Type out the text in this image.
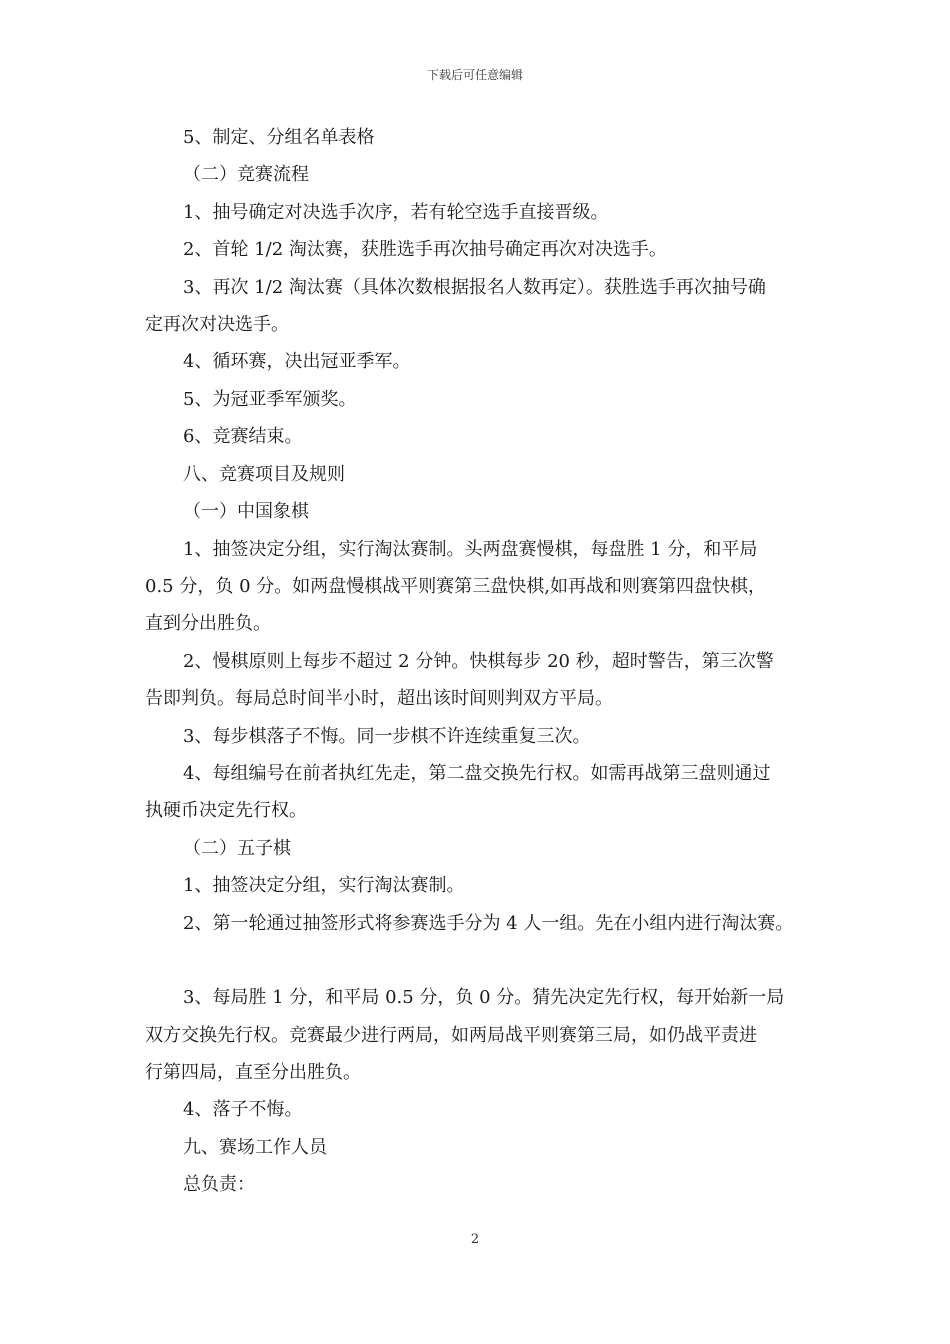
下载后可任意编辑
5、制定、分组名单表格
（二）竞赛流程
1、抽号确定对决选手次序，若有轮空选手直接晋级。
2、首轮 1/2 淘汰赛，获胜选手再次抽号确定再次对决选手。
3、再次 1/2 淘汰赛（具体次数根据报名人数再定）。获胜选手再次抽号确
定再次对决选手。
4、循环赛，决出冠亚季军。
5、为冠亚季军颁奖。
6、竞赛结束。
八、竞赛项目及规则
（一）中国象棋
1、抽签决定分组，实行淘汰赛制。头两盘赛慢棋，每盘胜 1 分，和平局
0.5 分，负 0 分。如两盘慢棋战平则赛第三盘快棋,如再战和则赛第四盘快棋，
直到分出胜负。
2、慢棋原则上每步不超过 2 分钟。快棋每步 20 秒，超时警告，第三次警
告即判负。每局总时间半小时，超出该时间则判双方平局。
3、每步棋落子不悔。同一步棋不许连续重复三次。
4、每组编号在前者执红先走，第二盘交换先行权。如需再战第三盘则通过
执硬币决定先行权。
（二）五子棋
1、抽签决定分组，实行淘汰赛制。
2、第一轮通过抽签形式将参赛选手分为 4 人一组。先在小组内进行淘汰赛。
3、每局胜 1 分，和平局 0.5 分，负 0 分。猜先决定先行权，每开始新一局
双方交换先行权。竞赛最少进行两局，如两局战平则赛第三局，如仍战平责进
行第四局，直至分出胜负。
4、落子不悔。
九、赛场工作人员
总负责：
2
